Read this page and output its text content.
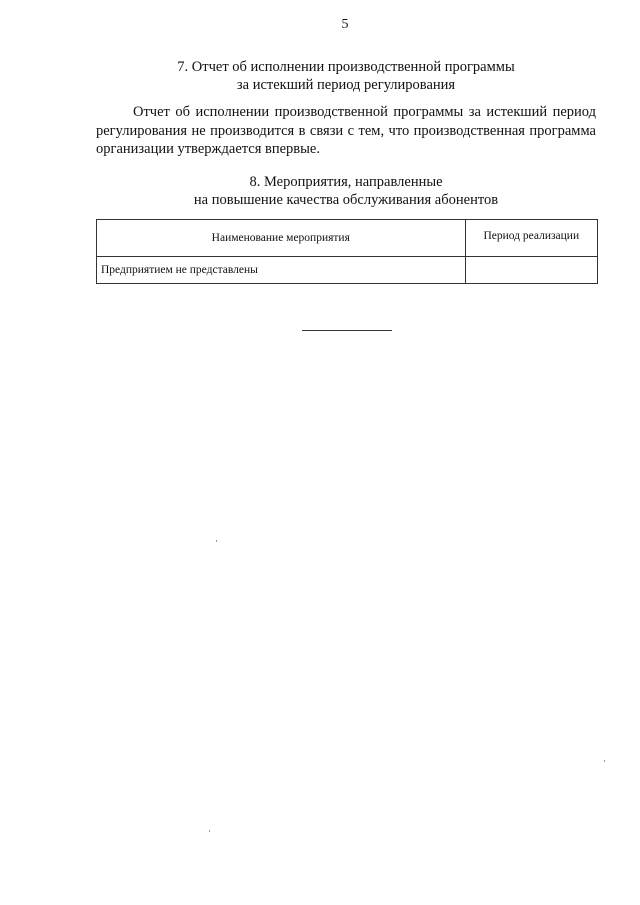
5
7. Отчет об исполнении производственной программы
за истекший период регулирования

Отчет об исполнении производственной программы за истекший период регулирования не производится в связи с тем, что производственная программа организации утверждается впервые.

8. Мероприятия, направленные
на повышение качества обслуживания абонентов
Наименование мероприятия	Период реализации
Предприятием не представлены	
